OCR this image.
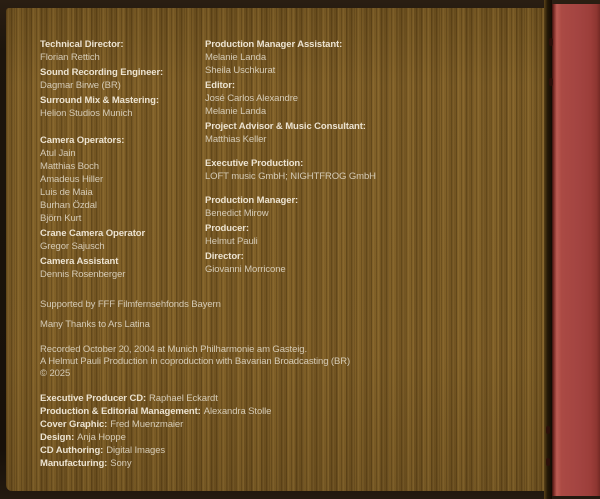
Technical Director:
Florian Rettich
Sound Recording Engineer:
Dagmar Birwe (BR)
Surround Mix & Mastering:
Helion Studios Munich
Camera Operators:
Atul Jain
Matthias Boch
Amadeus Hiller
Luis de Maia
Burhan Özdal
Björn Kurt
Crane Camera Operator
Gregor Sajusch
Camera Assistant
Dennis Rosenberger
Production Manager Assistant:
Melanie Landa
Sheila Uschkurat
Editor:
José Carlos Alexandre
Melanie Landa
Project Advisor & Music Consultant:
Matthias Keller
Executive Production:
LOFT music GmbH; NIGHTFROG GmbH
Production Manager:
Benedict Mirow
Producer:
Helmut Pauli
Director:
Giovanni Morricone
Supported by FFF Filmfernsehfonds Bayern
Many Thanks to Ars Latina
Recorded October 20, 2004 at Munich Philharmonie am Gasteig.
A Helmut Pauli Production in coproduction with Bavarian Broadcasting (BR)
© 2025
Executive Producer CD: Raphael Eckardt
Production & Editorial Management: Alexandra Stolle
Cover Graphic: Fred Muenzmaier
Design: Anja Hoppe
CD Authoring: Digital Images
Manufacturing: Sony
